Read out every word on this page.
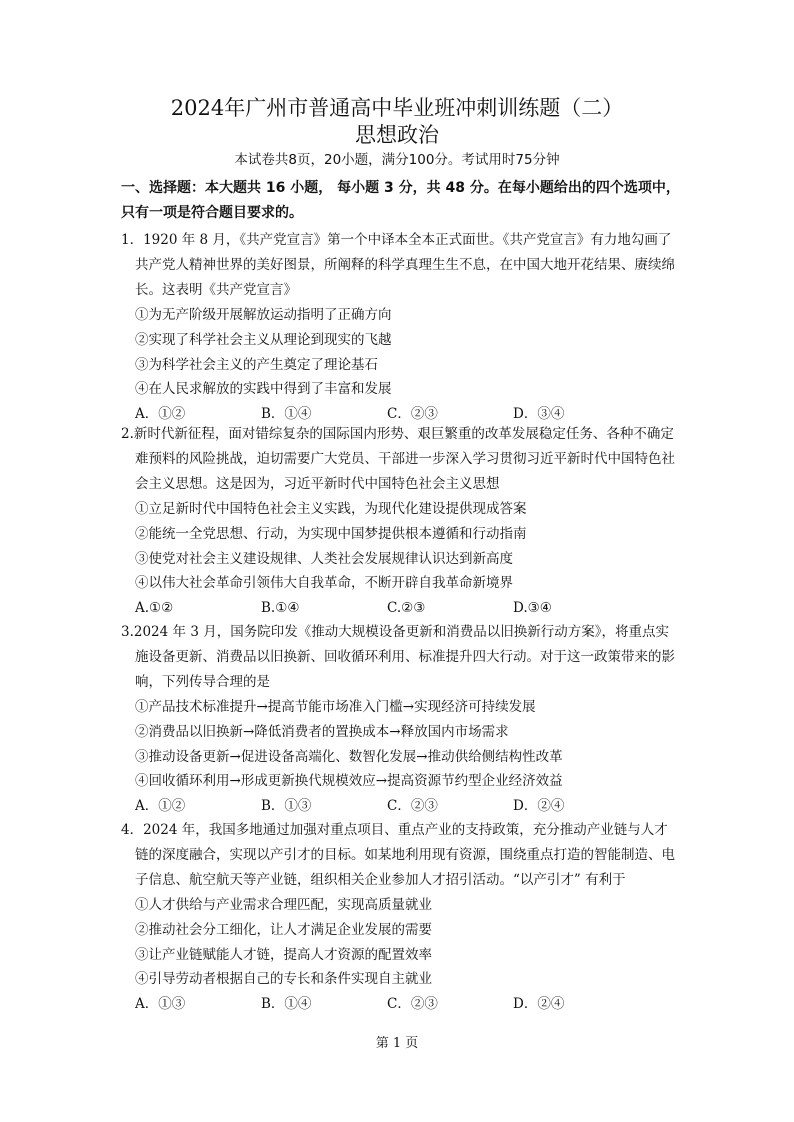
2024年广州市普通高中毕业班冲刺训练题（二）
思想政治
本试卷共8页，20小题，满分100分。考试用时75分钟
一、选择题：本大题共 16 小题， 每小题 3 分，共 48 分。在每小题给出的四个选项中，只有一项是符合题目要求的。

1．1920 年 8 月，《共产党宣言》第一个中译本全本正式面世。《共产党宣言》有力地勾画了共产党人精神世界的美好图景，所阐释的科学真理生生不息，在中国大地开花结果、赓续绵长。这表明《共产党宣言》

①为无产阶级开展解放运动指明了正确方向

②实现了科学社会主义从理论到现实的飞越

③为科学社会主义的产生奠定了理论基石

④在人民求解放的实践中得到了丰富和发展

A．①②	B．①④	C．②③	D．③④

2.新时代新征程，面对错综复杂的国际国内形势、艰巨繁重的改革发展稳定任务、各种不确定难预料的风险挑战，迫切需要广大党员、干部进一步深入学习贯彻习近平新时代中国特色社会主义思想。这是因为，习近平新时代中国特色社会主义思想

①立足新时代中国特色社会主义实践，为现代化建设提供现成答案

②能统一全党思想、行动，为实现中国梦提供根本遵循和行动指南

③使党对社会主义建设规律、人类社会发展规律认识达到新高度

④以伟大社会革命引领伟大自我革命，不断开辟自我革命新境界

A.①②	B.①④	C.②③	D.③④

3.2024 年 3 月，国务院印发《推动大规模设备更新和消费品以旧换新行动方案》，将重点实施设备更新、消费品以旧换新、回收循环利用、标准提升四大行动。对于这一政策带来的影响，下列传导合理的是

①产品技术标准提升→提高节能市场准入门槛→实现经济可持续发展

②消费品以旧换新→降低消费者的置换成本→释放国内市场需求

③推动设备更新→促进设备高端化、数智化发展→推动供给侧结构性改革

④回收循环利用→形成更新换代规模效应→提高资源节约型企业经济效益

A．①②	B．①③	C．②③	D．②④

4．2024 年，我国多地通过加强对重点项目、重点产业的支持政策，充分推动产业链与人才链的深度融合，实现以产引才的目标。如某地利用现有资源，围绕重点打造的智能制造、电子信息、航空航天等产业链，组织相关企业参加人才招引活动。“以产引才” 有利于

①人才供给与产业需求合理匹配，实现高质量就业

②推动社会分工细化，让人才满足企业发展的需要

③让产业链赋能人才链，提高人才资源的配置效率

④引导劳动者根据自己的专长和条件实现自主就业

A．①③	B．①④	C．②③	D．②④
第 1 页
